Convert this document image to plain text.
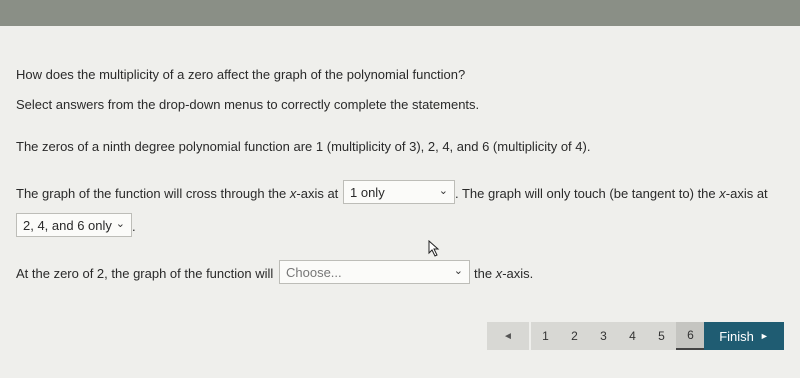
How does the multiplicity of a zero affect the graph of the polynomial function?
Select answers from the drop-down menus to correctly complete the statements.
The zeros of a ninth degree polynomial function are 1 (multiplicity of 3), 2, 4, and 6 (multiplicity of 4).
The graph of the function will cross through the x-axis at 1 only	⌄ . The graph will only touch (be tangent to) the x-axis at
2, 4, and 6 only ⌄ .
At the zero of 2, the graph of the function will Choose...	⌄ the x-axis.
◄	1	2	3	4	5	6	Finish ►
